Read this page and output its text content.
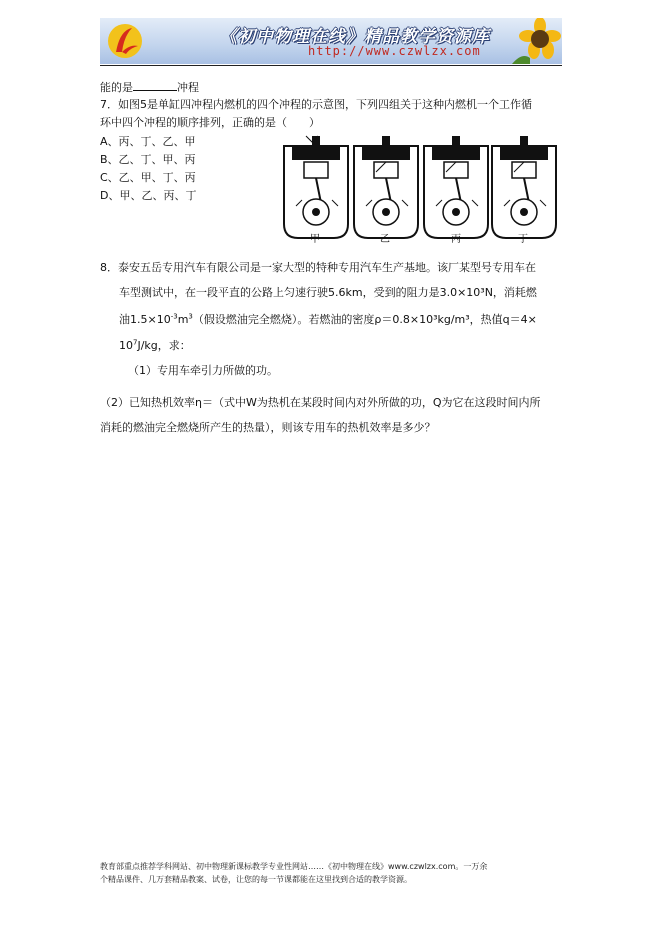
《初中物理在线》精品教学资源库
http://www.czwlzx.com
能的是	冲程
7．如图5是单缸四冲程内燃机的四个冲程的示意图，下列四组关于这种内燃机一个工作循
环中四个冲程的顺序排列，正确的是（　　）
A、丙、丁、乙、甲
B、乙、丁、甲、丙
C、乙、甲、丁、丙
D、甲、乙、丙、丁
甲	乙	丙	丁
8．泰安五岳专用汽车有限公司是一家大型的特种专用汽车生产基地。该厂某型号专用车在
车型测试中，在一段平直的公路上匀速行驶5.6km，受到的阻力是3.0×10³N，消耗燃
油$1.5\times 10^{-3}m^3$（假设燃油完全燃烧）。若燃油的密度ρ＝0.8×10³kg/m³，热值q＝4×
$10^7J/kg$，求：
（1）专用车牵引力所做的功。
（2）已知热机效率η＝（式中W为热机在某段时间内对外所做的功，Q为它在这段时间内所
消耗的燃油完全燃烧所产生的热量），则该专用车的热机效率是多少？
教育部重点推荐学科网站、初中物理新课标教学专业性网站……《初中物理在线》www.czwlzx.com。一万余
个精品课件、几万套精品教案、试卷，让您的每一节课都能在这里找到合适的教学资源。
